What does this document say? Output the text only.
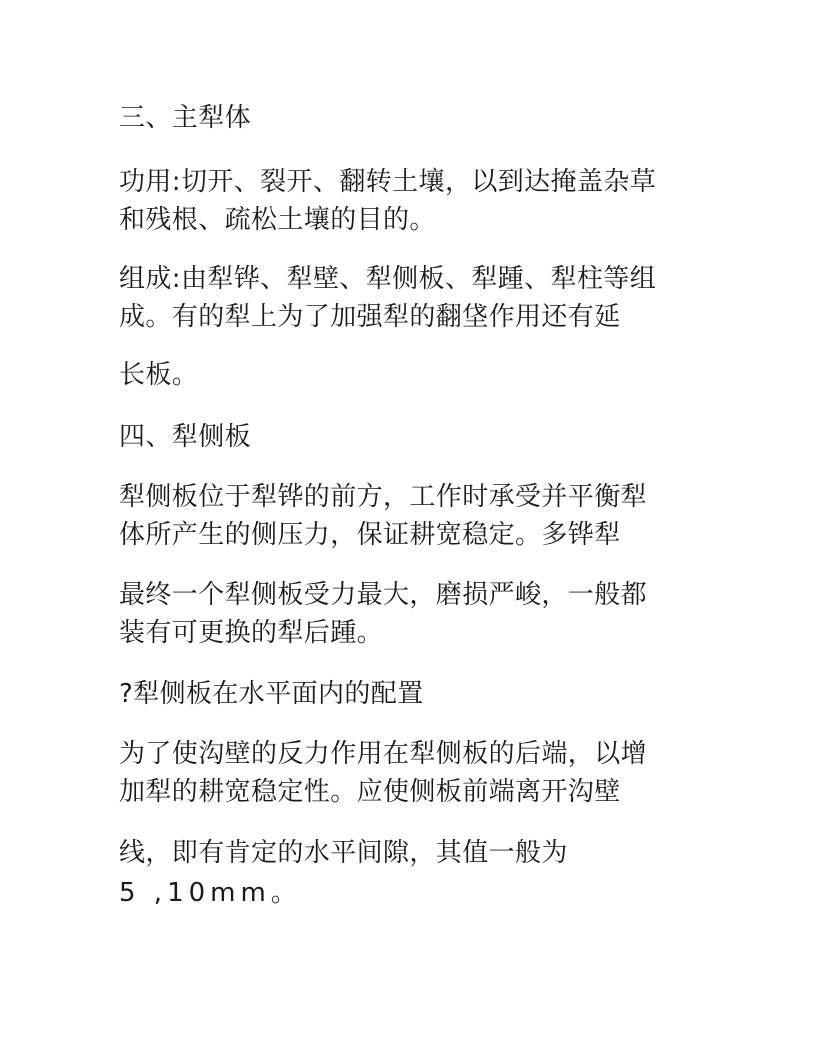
三、主犁体
功用:切开、裂开、翻转土壤，以到达掩盖杂草
和残根、疏松土壤的目的。
组成:由犁铧、犁壁、犁侧板、犁踵、犁柱等组
成。有的犁上为了加强犁的翻垡作用还有延
长板。
四、犁侧板
犁侧板位于犁铧的前方，工作时承受并平衡犁
体所产生的侧压力，保证耕宽稳定。多铧犁
最终一个犁侧板受力最大，磨损严峻，一般都
装有可更换的犁后踵。
?犁侧板在水平面内的配置
为了使沟壁的反力作用在犁侧板的后端，以增
加犁的耕宽稳定性。应使侧板前端离开沟壁
线，即有肯定的水平间隙，其值一般为
5 ,10mm。
